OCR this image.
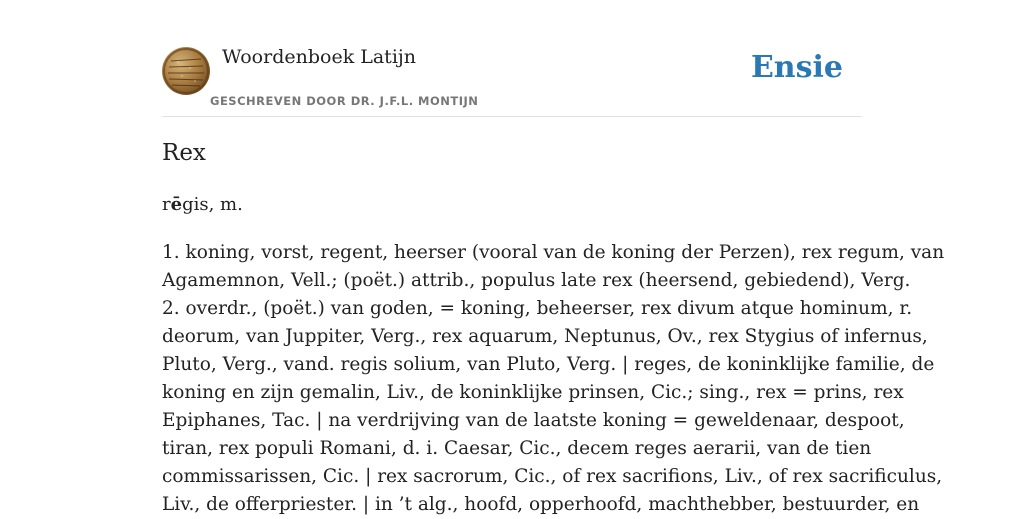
Woordenboek Latijn
GESCHREVEN DOOR DR. J.F.L. MONTIJN
Ensie
Rex
rēgis, m.
1. koning, vorst, regent, heerser (vooral van de koning der Perzen), rex regum, van
Agamemnon, Vell.; (poët.) attrib., populus late rex (heersend, gebiedend), Verg.
2. overdr., (poët.) van goden, = koning, beheerser, rex divum atque hominum, r.
deorum, van Juppiter, Verg., rex aquarum, Neptunus, Ov., rex Stygius of infernus,
Pluto, Verg., vand. regis solium, van Pluto, Verg. | reges, de koninklijke familie, de
koning en zijn gemalin, Liv., de koninklijke prinsen, Cic.; sing., rex = prins, rex
Epiphanes, Tac. | na verdrijving van de laatste koning = geweldenaar, despoot,
tiran, rex populi Romani, d. i. Caesar, Cic., decem reges aerarii, van de tien
commissarissen, Cic. | rex sacrorum, Cic., of rex sacrifions, Liv., of rex sacrificulus,
Liv., de offerpriester. | in ’t alg., hoofd, opperhoofd, machthebber, bestuurder, en
